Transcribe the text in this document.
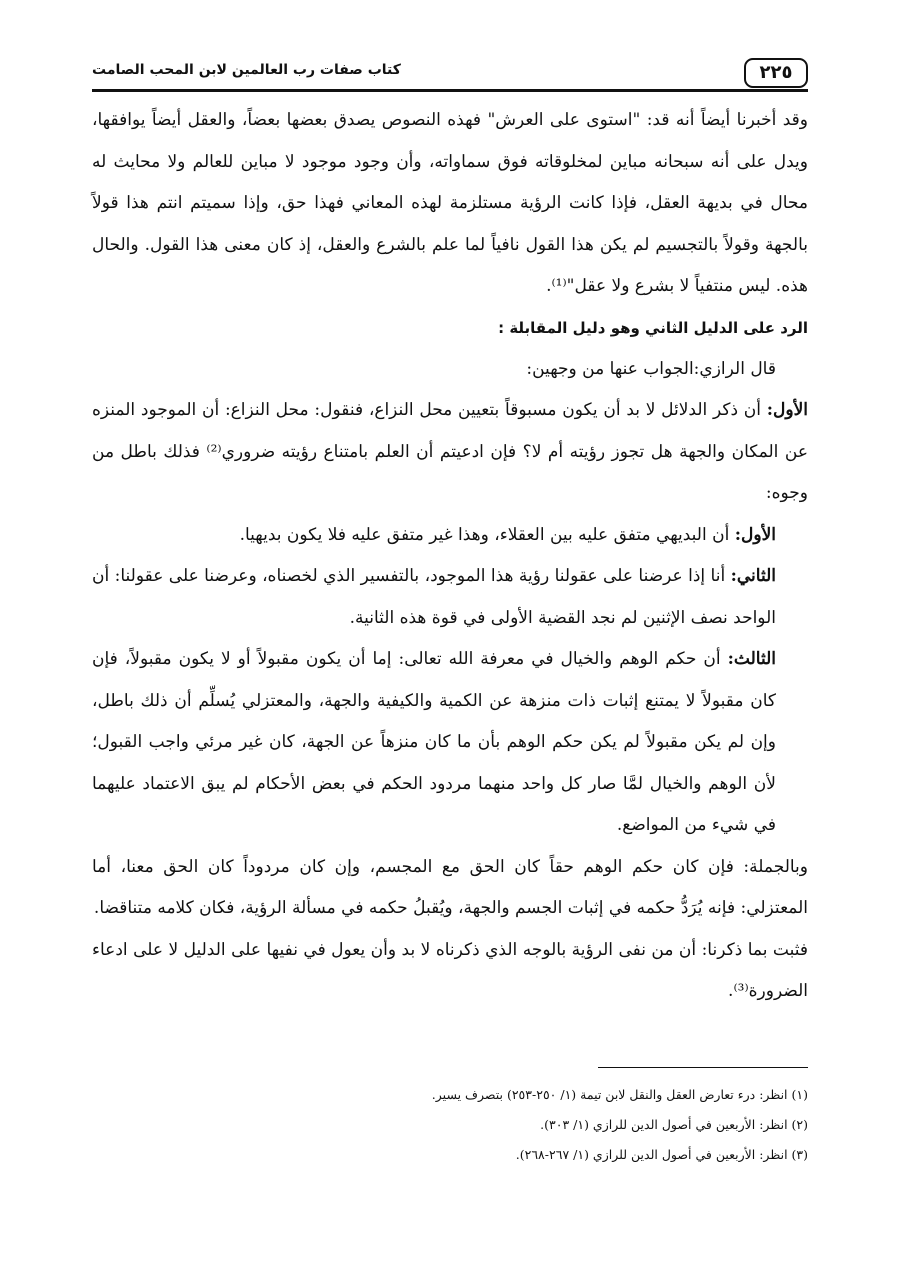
٢٢٥
كتاب صفات رب العالمين لابن المحب الصامت

وقد أخبرنا أيضاً أنه قد: "استوى على العرش" فهذه النصوص يصدق بعضها بعضاً، والعقل أيضاً يوافقها، ويدل على أنه سبحانه مباين لمخلوقاته فوق سماواته، وأن وجود موجود لا مباين للعالم ولا محايث له محال في بديهة العقل، فإذا كانت الرؤية مستلزمة لهذه المعاني فهذا حق، وإذا سميتم انتم هذا قولاً بالجهة وقولاً بالتجسيم لم يكن هذا القول نافياً لما علم بالشرع والعقل، إذ كان معنى هذا القول. والحال هذه. ليس منتفياً لا بشرع ولا عقل"⁽¹⁾.

الرد على الدليل الثاني وهو دليل المقابلة :

قال الرازي:الجواب عنها من وجهين:

الأول: أن ذكر الدلائل لا بد أن يكون مسبوقاً بتعيين محل النزاع، فنقول: محل النزاع: أن الموجود المنزه عن المكان والجهة هل تجوز رؤيته أم لا؟ فإن ادعيتم أن العلم بامتناع رؤيته ضروري⁽²⁾ فذلك باطل من وجوه:

الأول: أن البديهي متفق عليه بين العقلاء، وهذا غير متفق عليه فلا يكون بديهيا.

الثاني: أنا إذا عرضنا على عقولنا رؤية هذا الموجود، بالتفسير الذي لخصناه، وعرضنا على عقولنا: أن الواحد نصف الإثنين لم نجد القضية الأولى في قوة هذه الثانية.

الثالث: أن حكم الوهم والخيال في معرفة الله تعالى: إما أن يكون مقبولاً أو لا يكون مقبولاً، فإن كان مقبولاً لا يمتنع إثبات ذات منزهة عن الكمية والكيفية والجهة، والمعتزلي يُسلِّم أن ذلك باطل، وإن لم يكن مقبولاً لم يكن حكم الوهم بأن ما كان منزهاً عن الجهة، كان غير مرئي واجب القبول؛ لأن الوهم والخيال لمَّا صار كل واحد منهما مردود الحكم في بعض الأحكام لم يبق الاعتماد عليهما في شيء من المواضع.

وبالجملة: فإن كان حكم الوهم حقاً كان الحق مع المجسم، وإن كان مردوداً كان الحق معنا، أما المعتزلي: فإنه يُرَدُّ حكمه في إثبات الجسم والجهة، ويُقبلُ حكمه في مسألة الرؤية، فكان كلامه متناقضا.

فثبت بما ذكرنا: أن من نفى الرؤية بالوجه الذي ذكرناه لا بد وأن يعول في نفيها على الدليل لا على ادعاء الضرورة⁽³⁾.

(١) انظر: درء تعارض العقل والنقل لابن تيمة (١/ ٢٥٠-٢٥٣) بتصرف يسير.

(٢) انظر: الأربعين في أصول الدين للرازي (١/ ٣٠٣).

(٣) انظر: الأربعين في أصول الدين للرازي (١/ ٢٦٧-٢٦٨).
